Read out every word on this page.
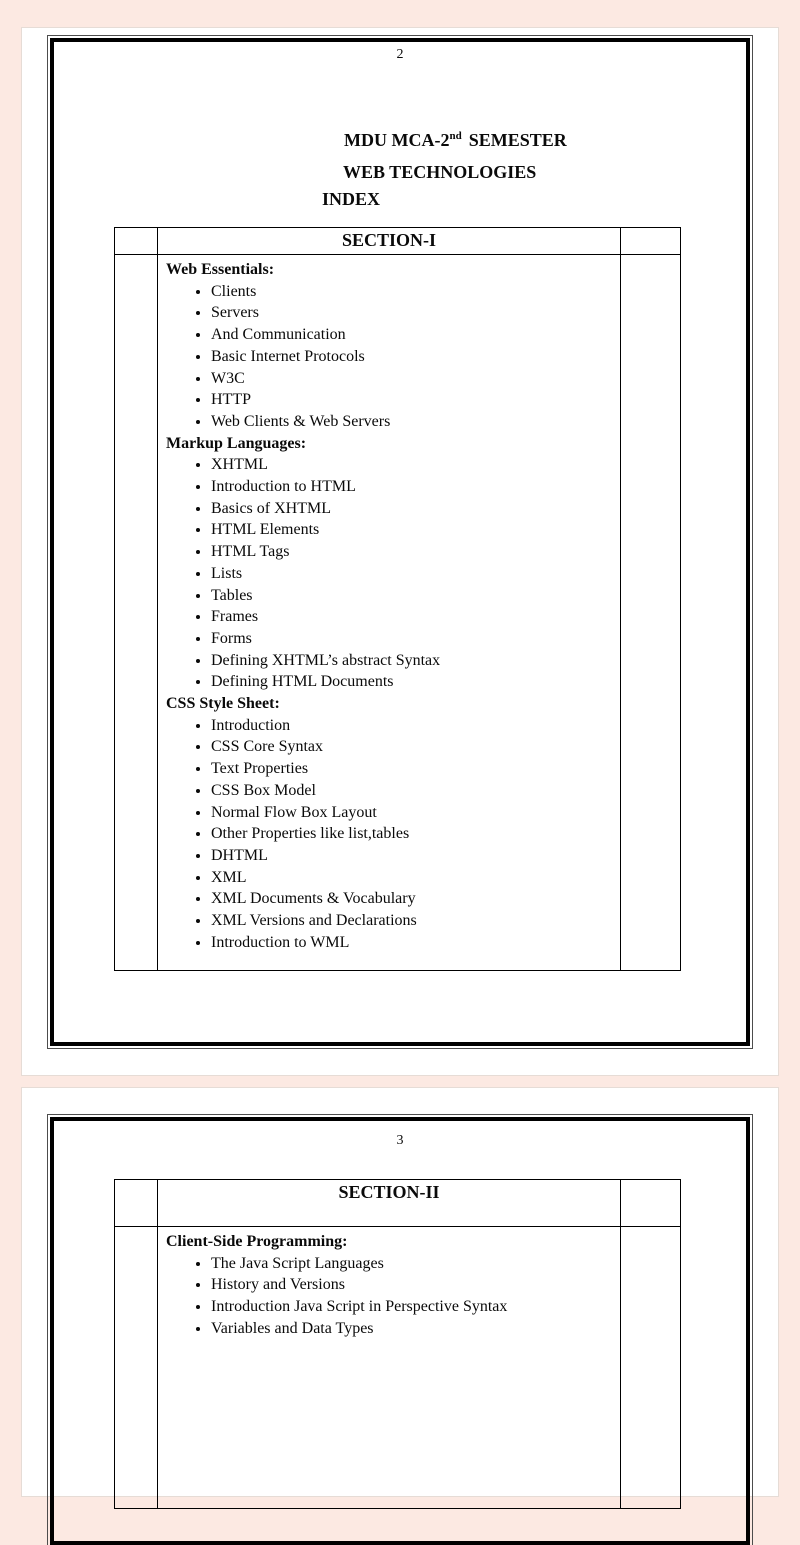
2
MDU MCA-2nd SEMESTER
WEB TECHNOLOGIES
INDEX
SECTION-I
Web Essentials:
• Clients
• Servers
• And Communication
• Basic Internet Protocols
• W3C
• HTTP
• Web Clients & Web Servers
Markup Languages:
• XHTML
• Introduction to HTML
• Basics of XHTML
• HTML Elements
• HTML Tags
• Lists
• Tables
• Frames
• Forms
• Defining XHTML’s abstract Syntax
• Defining HTML Documents
CSS Style Sheet:
• Introduction
• CSS Core Syntax
• Text Properties
• CSS Box Model
• Normal Flow Box Layout
• Other Properties like list,tables
• DHTML
• XML
• XML Documents & Vocabulary
• XML Versions and Declarations
• Introduction to WML
3
SECTION-II
Client-Side Programming:
• The Java Script Languages
• History and Versions
• Introduction Java Script in Perspective Syntax
• Variables and Data Types
